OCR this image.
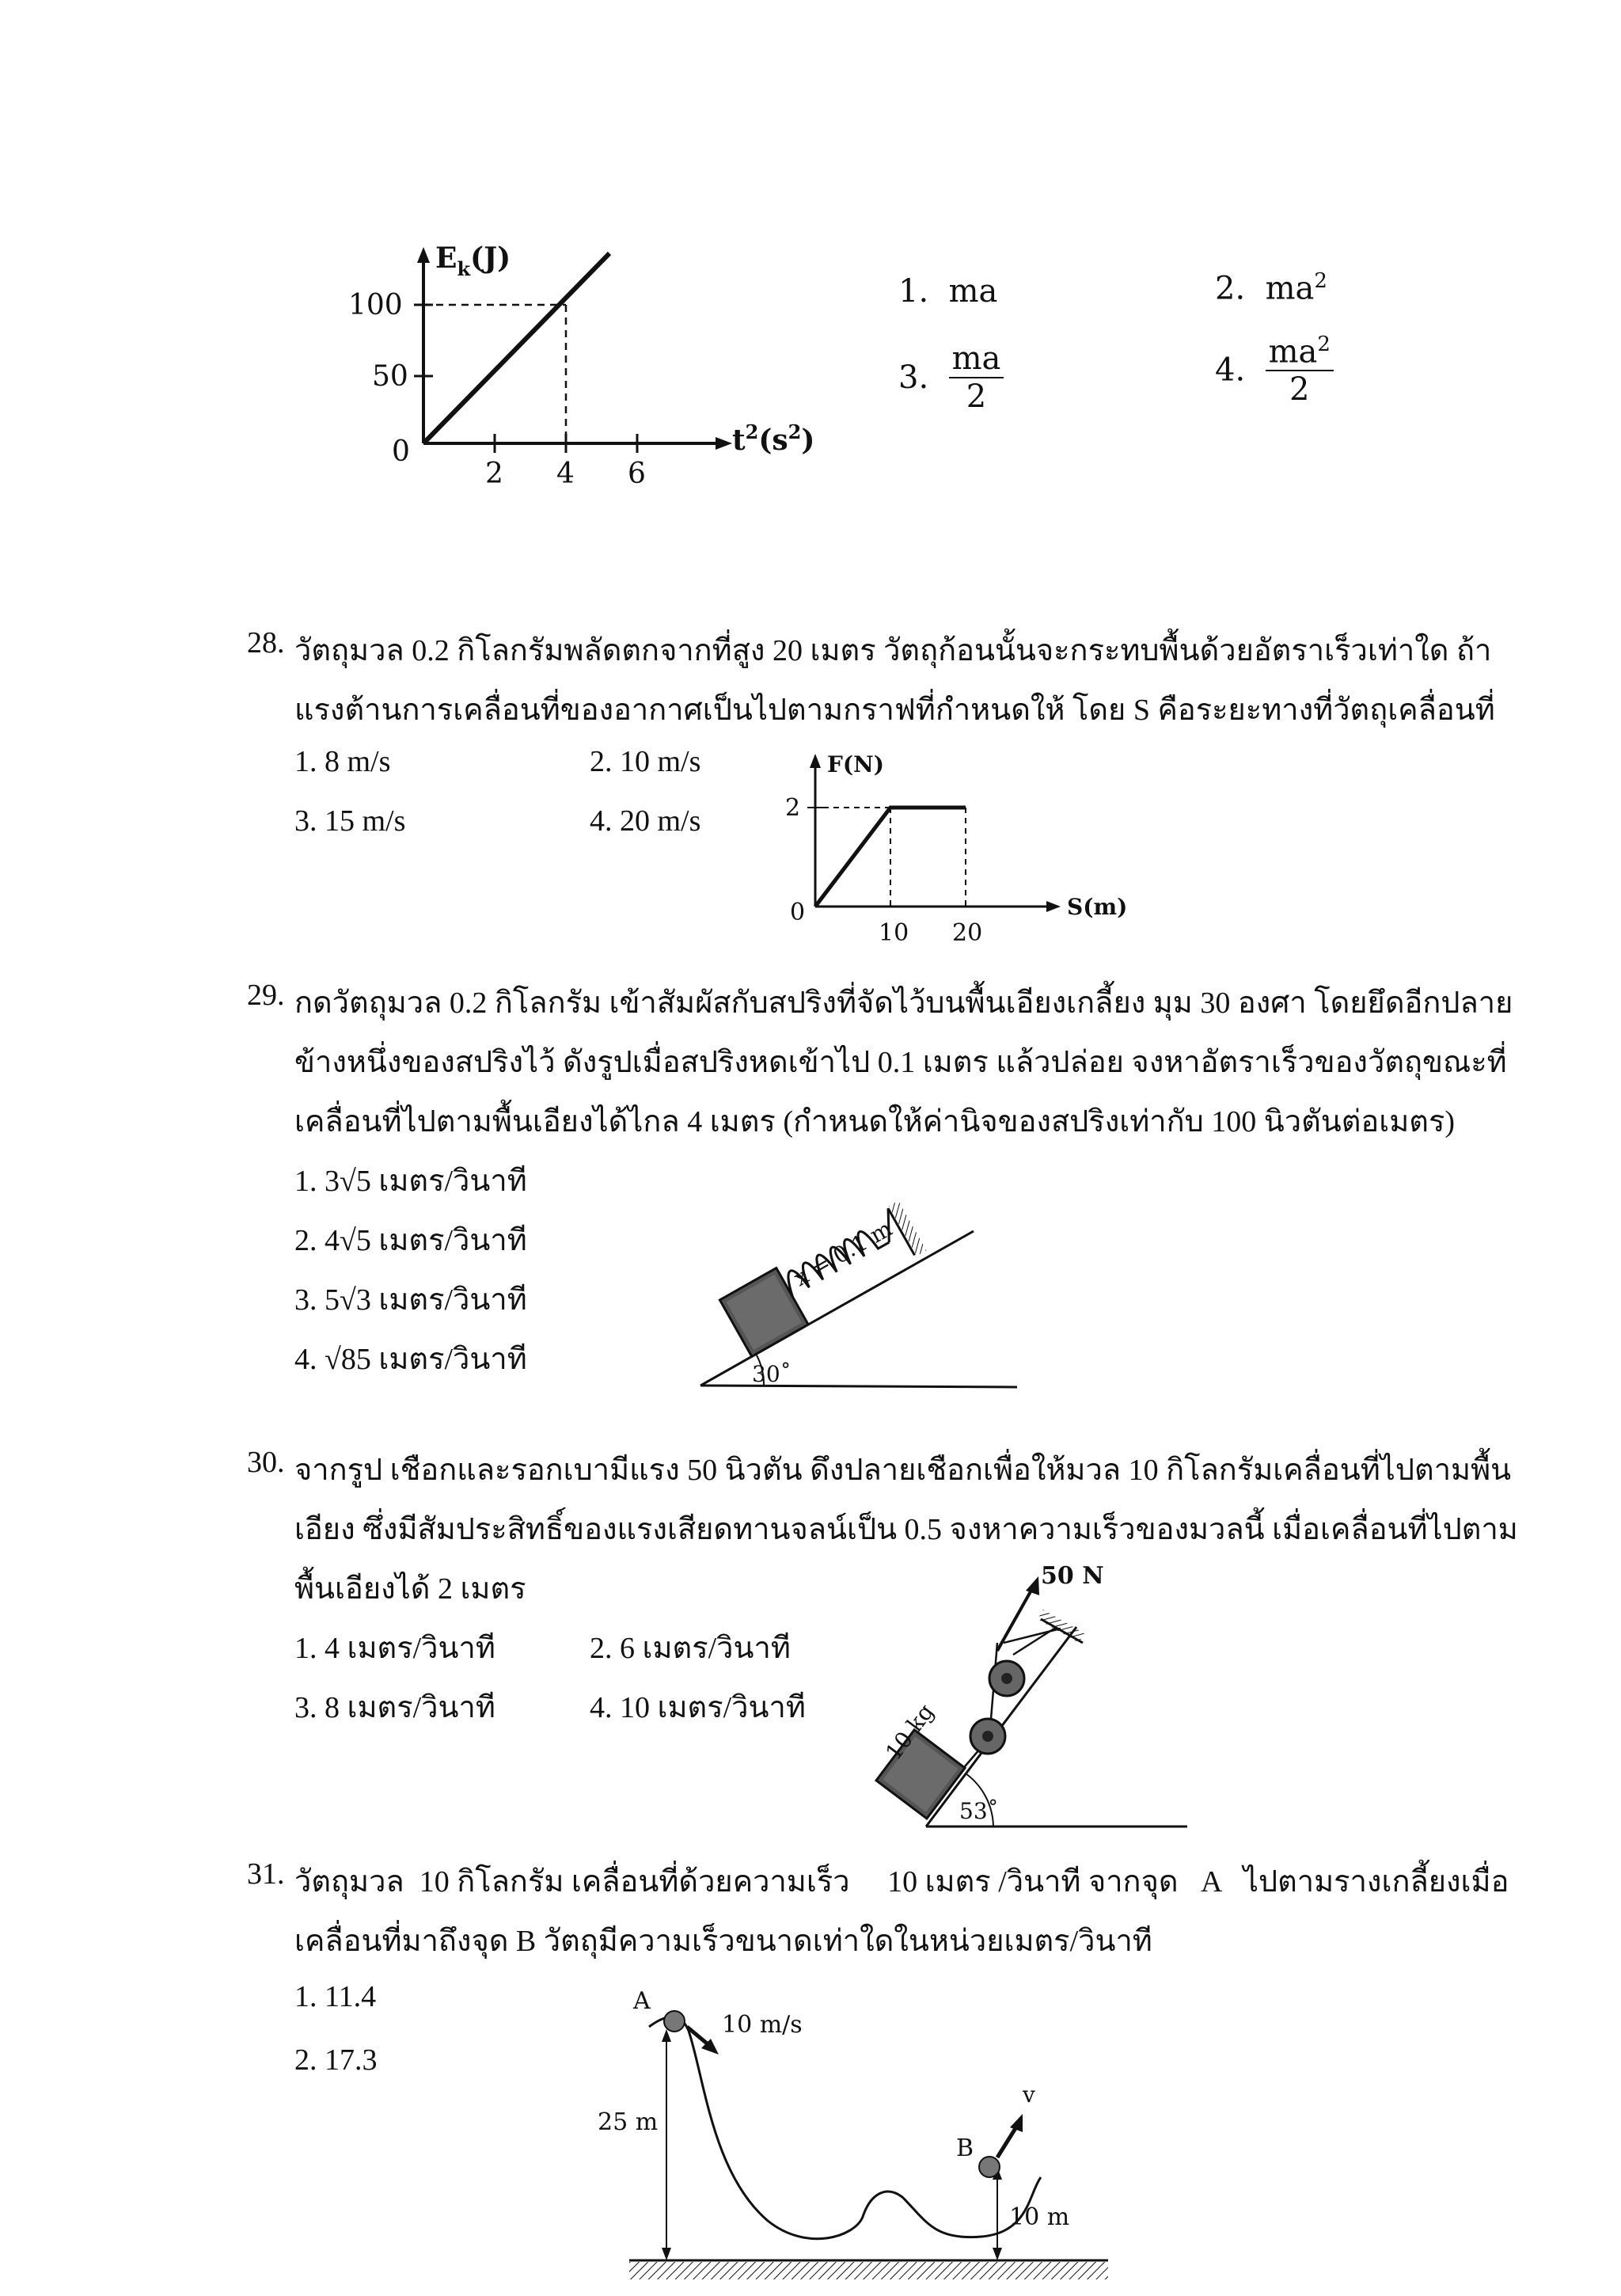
$E_k(J)$
100
50
0
2 4 6
$t^2(s^2)$
1. ma	2. $ma^2$
3. $\frac{ma}{2}$	4. $\frac{ma^2}{2}$
28. วัตถุมวล 0.2 กิโลกรัมพลัดตกจากที่สูง 20 เมตร วัตถุก้อนนั้นจะกระทบพื้นด้วยอัตราเร็วเท่าใด ถ้า
แรงต้านการเคลื่อนที่ของอากาศเป็นไปตามกราฟที่กำหนดให้ โดย S คือระยะทางที่วัตถุเคลื่อนที่
1. 8 m/s	2. 10 m/s
3. 15 m/s	4. 20 m/s
F(N)
2
0
10 20
S(m)
29. กดวัตถุมวล 0.2 กิโลกรัม เข้าสัมผัสกับสปริงที่จัดไว้บนพื้นเอียงเกลี้ยง มุม 30 องศา โดยยึดอีกปลาย
ข้างหนึ่งของสปริงไว้ ดังรูปเมื่อสปริงหดเข้าไป 0.1 เมตร แล้วปล่อย จงหาอัตราเร็วของวัตถุขณะที่
เคลื่อนที่ไปตามพื้นเอียงได้ไกล 4 เมตร (กำหนดให้ค่านิจของสปริงเท่ากับ 100 นิวตันต่อเมตร)
1. 3√5 เมตร/วินาที
2. 4√5 เมตร/วินาที
3. 5√3 เมตร/วินาที
4. √85 เมตร/วินาที	30˚
x = 0.1 m
30. จากรูป เชือกและรอกเบามีแรง 50 นิวตัน ดึงปลายเชือกเพื่อให้มวล 10 กิโลกรัมเคลื่อนที่ไปตามพื้น
เอียง ซึ่งมีสัมประสิทธิ์ของแรงเสียดทานจลน์เป็น 0.5 จงหาความเร็วของมวลนี้ เมื่อเคลื่อนที่ไปตาม
พื้นเอียงได้ 2 เมตร
1. 4 เมตร/วินาที	2. 6 เมตร/วินาที
3. 8 เมตร/วินาที	4. 10 เมตร/วินาที
50 N
10 kg
53˚
31. วัตถุมวล  10 กิโลกรัม เคลื่อนที่ด้วยความเร็ว     10 เมตร /วินาที จากจุด   A   ไปตามรางเกลี้ยงเมื่อ
เคลื่อนที่มาถึงจุด B วัตถุมีความเร็วขนาดเท่าใดในหน่วยเมตร/วินาที
1. 11.4
2. 17.3
25 m
10 m
A
10 m/s
B
v
